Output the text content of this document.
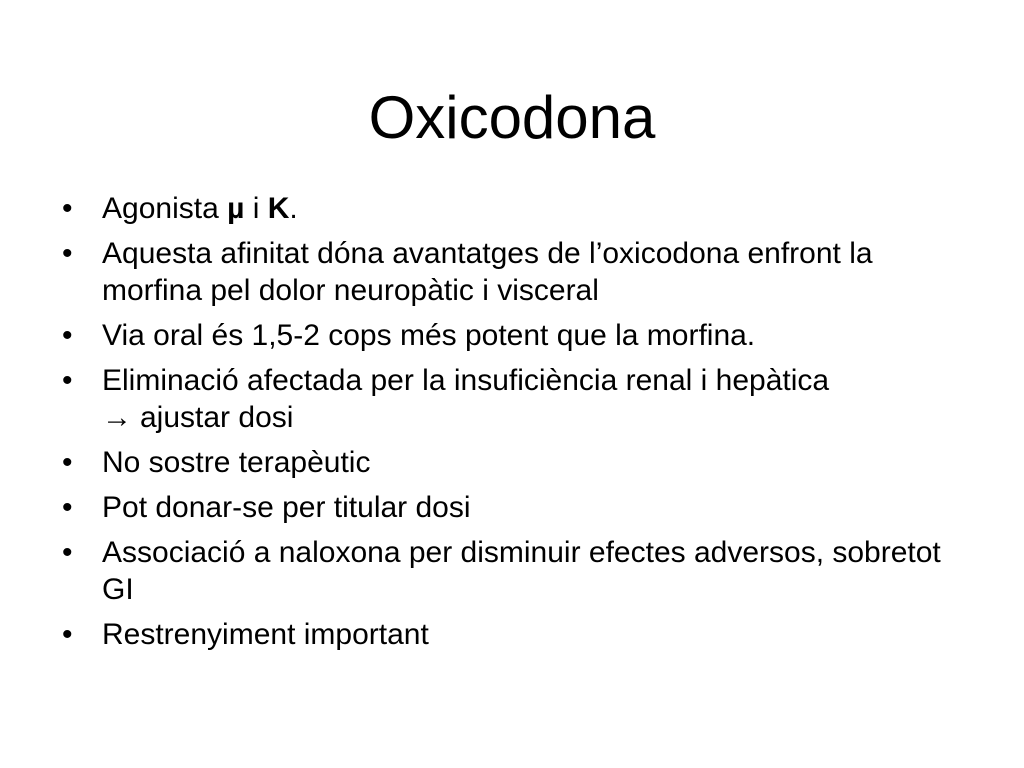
Oxicodona
• Agonista µ i K.
• Aquesta afinitat dóna avantatges de l’oxicodona enfront la morfina pel dolor neuropàtic i visceral
• Via oral és 1,5-2 cops més potent que la morfina.
• Eliminació afectada per la insuficiència renal i hepàtica
→ ajustar dosi
• No sostre terapèutic
• Pot donar-se per titular dosi
• Associació a naloxona per disminuir efectes adversos, sobretot GI
• Restrenyiment important
